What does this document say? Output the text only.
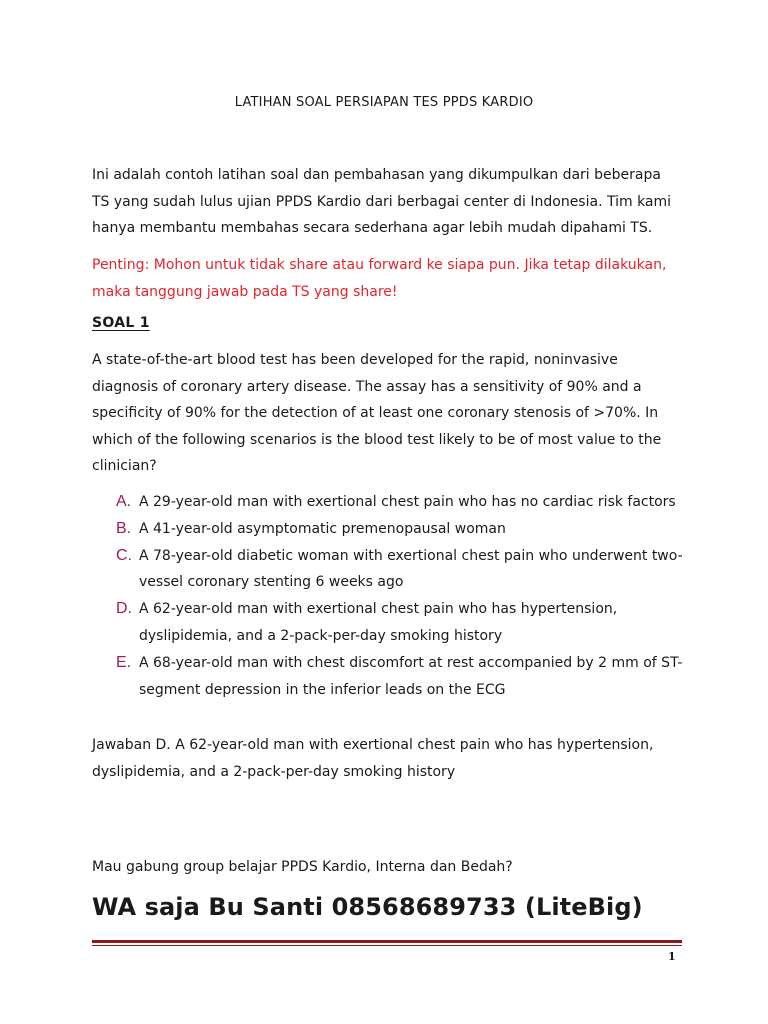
LATIHAN SOAL PERSIAPAN TES PPDS KARDIO
Ini adalah contoh latihan soal dan pembahasan yang dikumpulkan dari beberapa TS yang sudah lulus ujian PPDS Kardio dari berbagai center di Indonesia. Tim kami hanya membantu membahas secara sederhana agar lebih mudah dipahami TS.
Penting: Mohon untuk tidak share atau forward ke siapa pun. Jika tetap dilakukan, maka tanggung jawab pada TS yang share!
SOAL 1
A state-of-the-art blood test has been developed for the rapid, noninvasive diagnosis of coronary artery disease. The assay has a sensitivity of 90% and a specificity of 90% for the detection of at least one coronary stenosis of >70%. In which of the following scenarios is the blood test likely to be of most value to the clinician?
A. A 29-year-old man with exertional chest pain who has no cardiac risk factors
B. A 41-year-old asymptomatic premenopausal woman
C. A 78-year-old diabetic woman with exertional chest pain who underwent two-vessel coronary stenting 6 weeks ago
D. A 62-year-old man with exertional chest pain who has hypertension, dyslipidemia, and a 2-pack-per-day smoking history
E. A 68-year-old man with chest discomfort at rest accompanied by 2 mm of ST-segment depression in the inferior leads on the ECG
Jawaban D. A 62-year-old man with exertional chest pain who has hypertension, dyslipidemia, and a 2-pack-per-day smoking history
Mau gabung group belajar PPDS Kardio, Interna dan Bedah?
WA saja Bu Santi 08568689733 (LiteBig)
1
